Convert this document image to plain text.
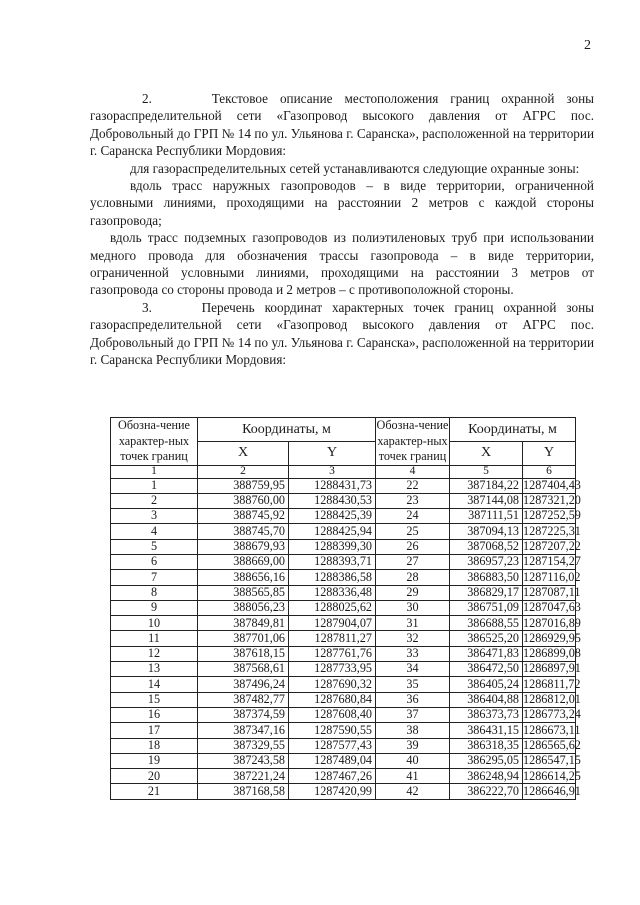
2

2.     Текстовое описание местоположения границ охранной зоны газораспределительной сети «Газопровод высокого давления от АГРС пос. Добровольный до ГРП № 14 по ул. Ульянова г. Саранска», расположенной на территории г. Саранска Республики Мордовия:

для газораспределительных сетей устанавливаются следующие охранные зоны:

вдоль трасс наружных газопроводов – в виде территории, ограниченной условными линиями, проходящими на расстоянии 2 метров с каждой стороны газопровода;

вдоль трасс подземных газопроводов из полиэтиленовых труб при использовании медного провода для обозначения трассы газопровода – в виде территории, ограниченной условными линиями, проходящими на расстоянии 3 метров от газопровода со стороны провода и 2 метров – с противоположной стороны.

3.     Перечень координат характерных точек границ охранной зоны газораспределительной сети «Газопровод высокого давления от АГРС пос. Добровольный до ГРП № 14 по ул. Ульянова г. Саранска», расположенной на территории г. Саранска Республики Мордовия:

Обозна-чение характер-ных точек границ	Координаты, м		Обозна-чение характер-ных точек границ	Координаты, м	
	X	Y		X	Y
1	2	3	4	5	6
1	388759,95	1288431,73	22	387184,22	1287404,43
2	388760,00	1288430,53	23	387144,08	1287321,20
3	388745,92	1288425,39	24	387111,51	1287252,59
4	388745,70	1288425,94	25	387094,13	1287225,31
5	388679,93	1288399,30	26	387068,52	1287207,22
6	388669,00	1288393,71	27	386957,23	1287154,27
7	388656,16	1288386,58	28	386883,50	1287116,02
8	388565,85	1288336,48	29	386829,17	1287087,11
9	388056,23	1288025,62	30	386751,09	1287047,63
10	387849,81	1287904,07	31	386688,55	1287016,89
11	387701,06	1287811,27	32	386525,20	1286929,95
12	387618,15	1287761,76	33	386471,83	1286899,08
13	387568,61	1287733,95	34	386472,50	1286897,91
14	387496,24	1287690,32	35	386405,24	1286811,72
15	387482,77	1287680,84	36	386404,88	1286812,01
16	387374,59	1287608,40	37	386373,73	1286773,24
17	387347,16	1287590,55	38	386431,15	1286673,11
18	387329,55	1287577,43	39	386318,35	1286565,62
19	387243,58	1287489,04	40	386295,05	1286547,15
20	387221,24	1287467,26	41	386248,94	1286614,25
21	387168,58	1287420,99	42	386222,70	1286646,91
